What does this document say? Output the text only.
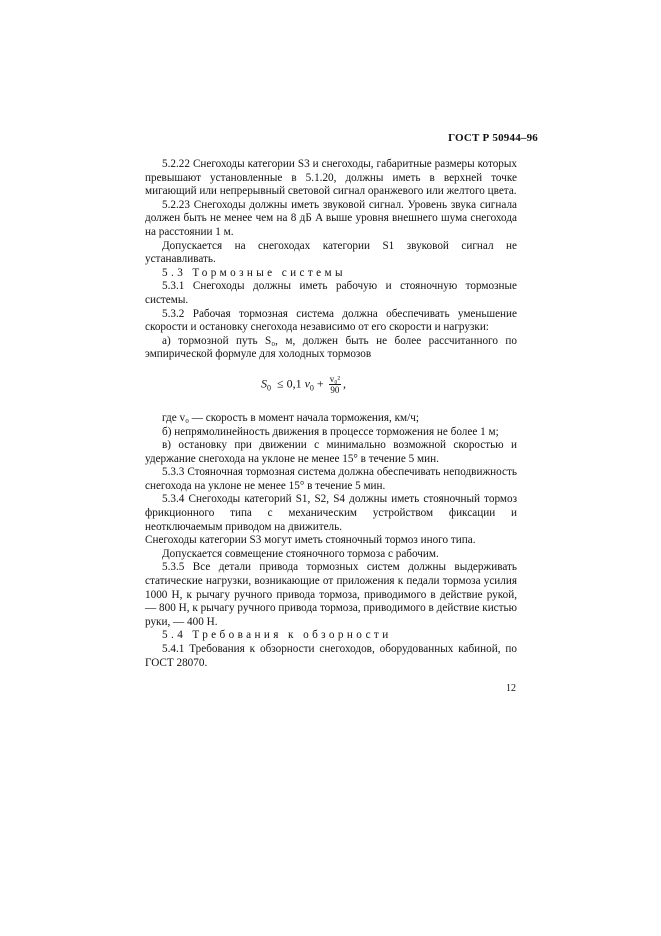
ГОСТ Р 50944–96

5.2.22 Снегоходы категории S3 и снегоходы, габаритные размеры которых превышают установленные в 5.1.20, должны иметь в верхней точке мигающий или непрерывный световой сигнал оранжевого или желтого цвета.

5.2.23 Снегоходы должны иметь звуковой сигнал. Уровень звука сигнала должен быть не менее чем на 8 дБ A выше уровня внешнего шума снегохода на расстоянии 1 м.

Допускается на снегоходах категории S1 звуковой сигнал не устанавливать.

5.3 Тормозные системы

5.3.1 Снегоходы должны иметь рабочую и стояночную тормозные системы.

5.3.2 Рабочая тормозная система должна обеспечивать уменьшение скорости и остановку снегохода независимо от его скорости и нагрузки:

а) тормозной путь S₀, м, должен быть не более рассчитанного по эмпирической формуле для холодных тормозов

$S_0 \le 0,1$ $v_0 + \frac{\text{v₀²}}{90}$ ,

где v₀ — скорость в момент начала торможения, км/ч;

б) непрямолинейность движения в процессе торможения не более 1 м;

в) остановку при движении с минимально возможной скоростью и удержание снегохода на уклоне не менее 15° в течение 5 мин.

5.3.3 Стояночная тормозная система должна обеспечивать неподвижность снегохода на уклоне не менее 15° в течение 5 мин.

5.3.4 Снегоходы категорий S1, S2, S4 должны иметь стояночный тормоз фрикционного типа с механическим устройством фиксации и неотключаемым приводом на движитель.

Снегоходы категории S3 могут иметь стояночный тормоз иного типа.

Допускается совмещение стояночного тормоза с рабочим.

5.3.5 Все детали привода тормозных систем должны выдерживать статические нагрузки, возникающие от приложения к педали тормоза усилия 1000 Н, к рычагу ручного привода тормоза, приводимого в действие рукой, — 800 Н, к рычагу ручного привода тормоза, приводимого в действие кистью руки, — 400 Н.

5.4 Требования к обзорности

5.4.1 Требования к обзорности снегоходов, оборудованных кабиной, по ГОСТ 28070.

12
